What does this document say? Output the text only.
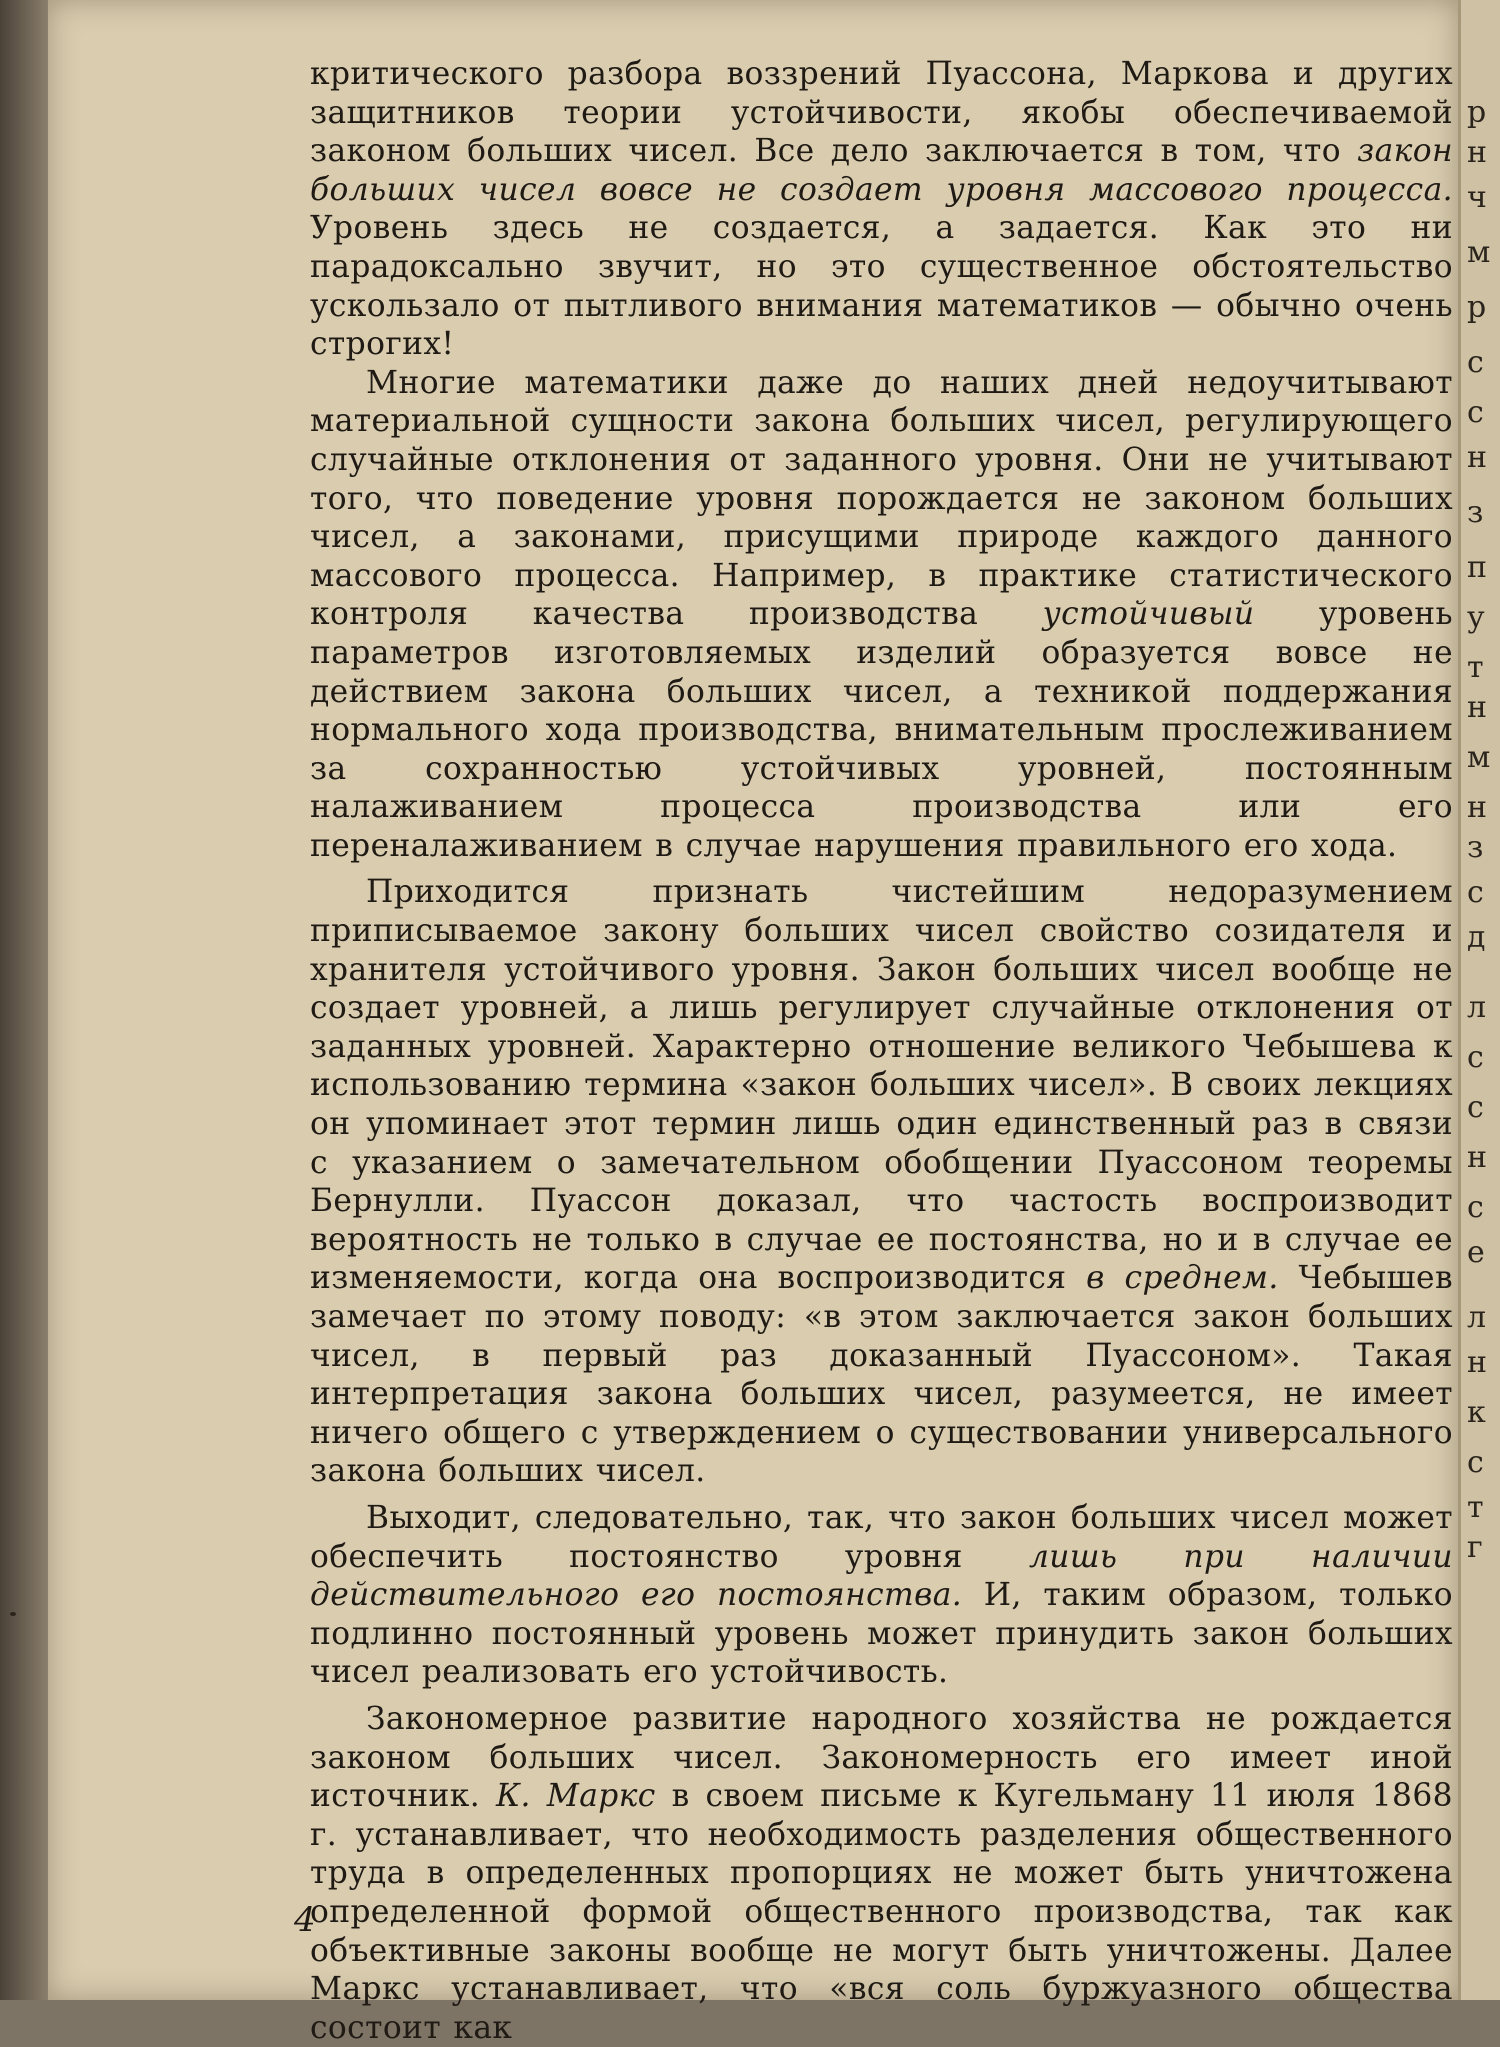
критического разбора воззрений Пуассона, Маркова и других защитников теории устойчивости, якобы обеспечиваемой законом больших чисел. Все дело заключается в том, что закон больших чисел вовсе не создает уровня массового процесса. Уровень здесь не создается, а задается. Как это ни парадоксально звучит, но это существенное обстоятельство ускользало от пытливого внимания математиков — обычно очень строгих!

Многие математики даже до наших дней недоучитывают материальной сущности закона больших чисел, регулирующего случайные отклонения от заданного уровня. Они не учитывают того, что поведение уровня порождается не законом больших чисел, а законами, присущими природе каждого данного массового процесса. Например, в практике статистического контроля качества производства устойчивый уровень параметров изготовляемых изделий образуется вовсе не действием закона больших чисел, а техникой поддержания нормального хода производства, внимательным прослеживанием за сохранностью устойчивых уровней, постоянным налаживанием процесса производства или его переналаживанием в случае нарушения правильного его хода.

Приходится признать чистейшим недоразумением приписываемое закону больших чисел свойство созидателя и хранителя устойчивого уровня. Закон больших чисел вообще не создает уровней, а лишь регулирует случайные отклонения от заданных уровней. Характерно отношение великого Чебышева к использованию термина «закон больших чисел». В своих лекциях он упоминает этот термин лишь один единственный раз в связи с указанием о замечательном обобщении Пуассоном теоремы Бернулли. Пуассон доказал, что частость воспроизводит вероятность не только в случае ее постоянства, но и в случае ее изменяемости, когда она воспроизводится в среднем. Чебышев замечает по этому поводу: «в этом заключается закон больших чисел, в первый раз доказанный Пуассоном». Такая интерпретация закона больших чисел, разумеется, не имеет ничего общего с утверждением о существовании универсального закона больших чисел.

Выходит, следовательно, так, что закон больших чисел может обеспечить постоянство уровня лишь при наличии действительного его постоянства. И, таким образом, только подлинно постоянный уровень может принудить закон больших чисел реализовать его устойчивость.

Закономерное развитие народного хозяйства не рождается законом больших чисел. Закономерность его имеет иной источник. К. Маркс в своем письме к Кугельману 11 июля 1868 г. устанавливает, что необходимость разделения общественного труда в определенных пропорциях не может быть уничтожена определенной формой общественного производства, так как объективные законы вообще не могут быть уничтожены. Далее Маркс устанавливает, что «вся соль буржуазного общества состоит как

4
р
н
ч
м
р
с
с
н
з
п
у
т
н
м
н
з
с
д
л
с
с
н
с
е
л
н
к
с
т
г
